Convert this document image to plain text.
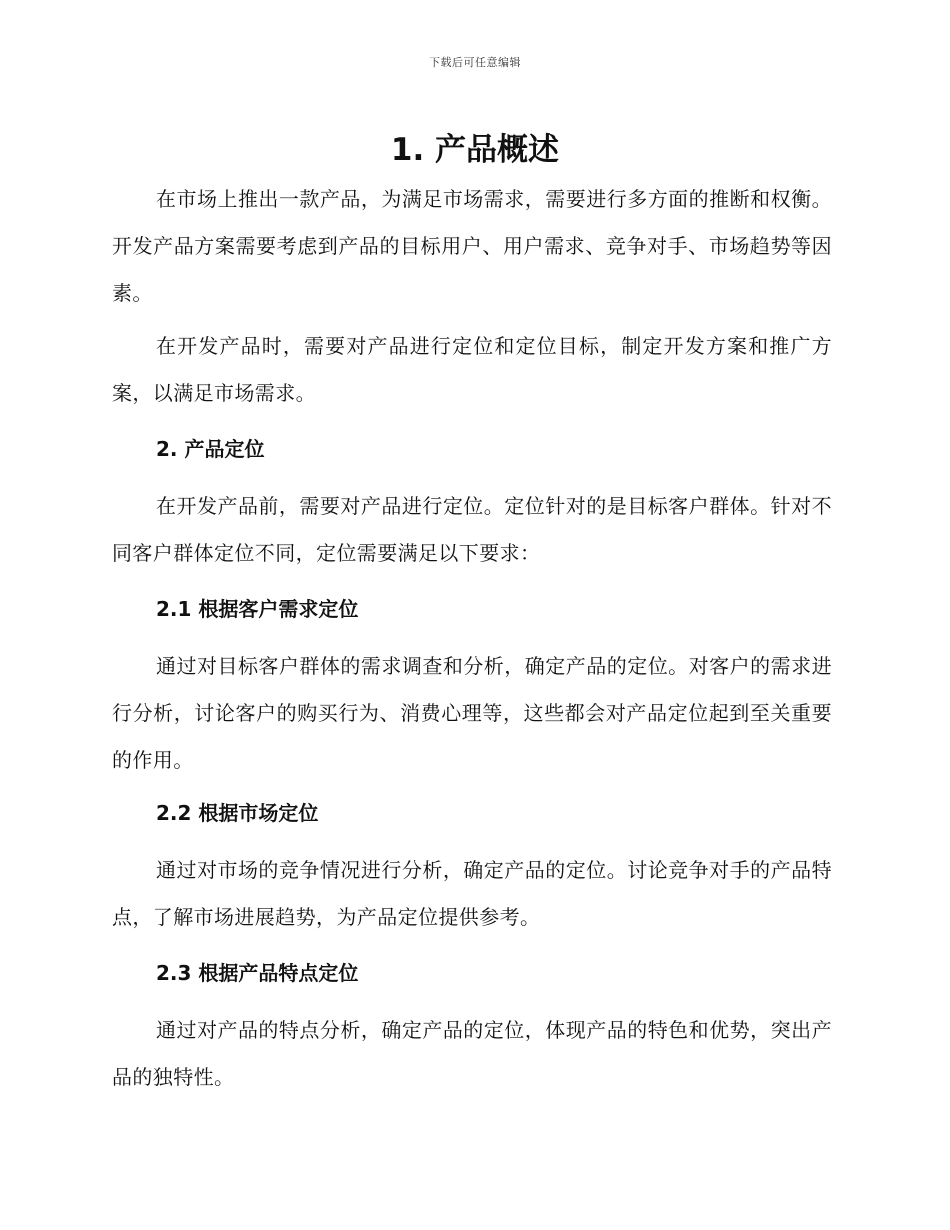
下载后可任意编辑
1. 产品概述

在市场上推出一款产品，为满足市场需求，需要进行多方面的推断和权衡。开发产品方案需要考虑到产品的目标用户、用户需求、竞争对手、市场趋势等因素。

在开发产品时，需要对产品进行定位和定位目标，制定开发方案和推广方案，以满足市场需求。

2. 产品定位

在开发产品前，需要对产品进行定位。定位针对的是目标客户群体。针对不同客户群体定位不同，定位需要满足以下要求：

2.1 根据客户需求定位

通过对目标客户群体的需求调查和分析，确定产品的定位。对客户的需求进行分析，讨论客户的购买行为、消费心理等，这些都会对产品定位起到至关重要的作用。

2.2 根据市场定位

通过对市场的竞争情况进行分析，确定产品的定位。讨论竞争对手的产品特点，了解市场进展趋势，为产品定位提供参考。

2.3 根据产品特点定位

通过对产品的特点分析，确定产品的定位，体现产品的特色和优势，突出产品的独特性。
